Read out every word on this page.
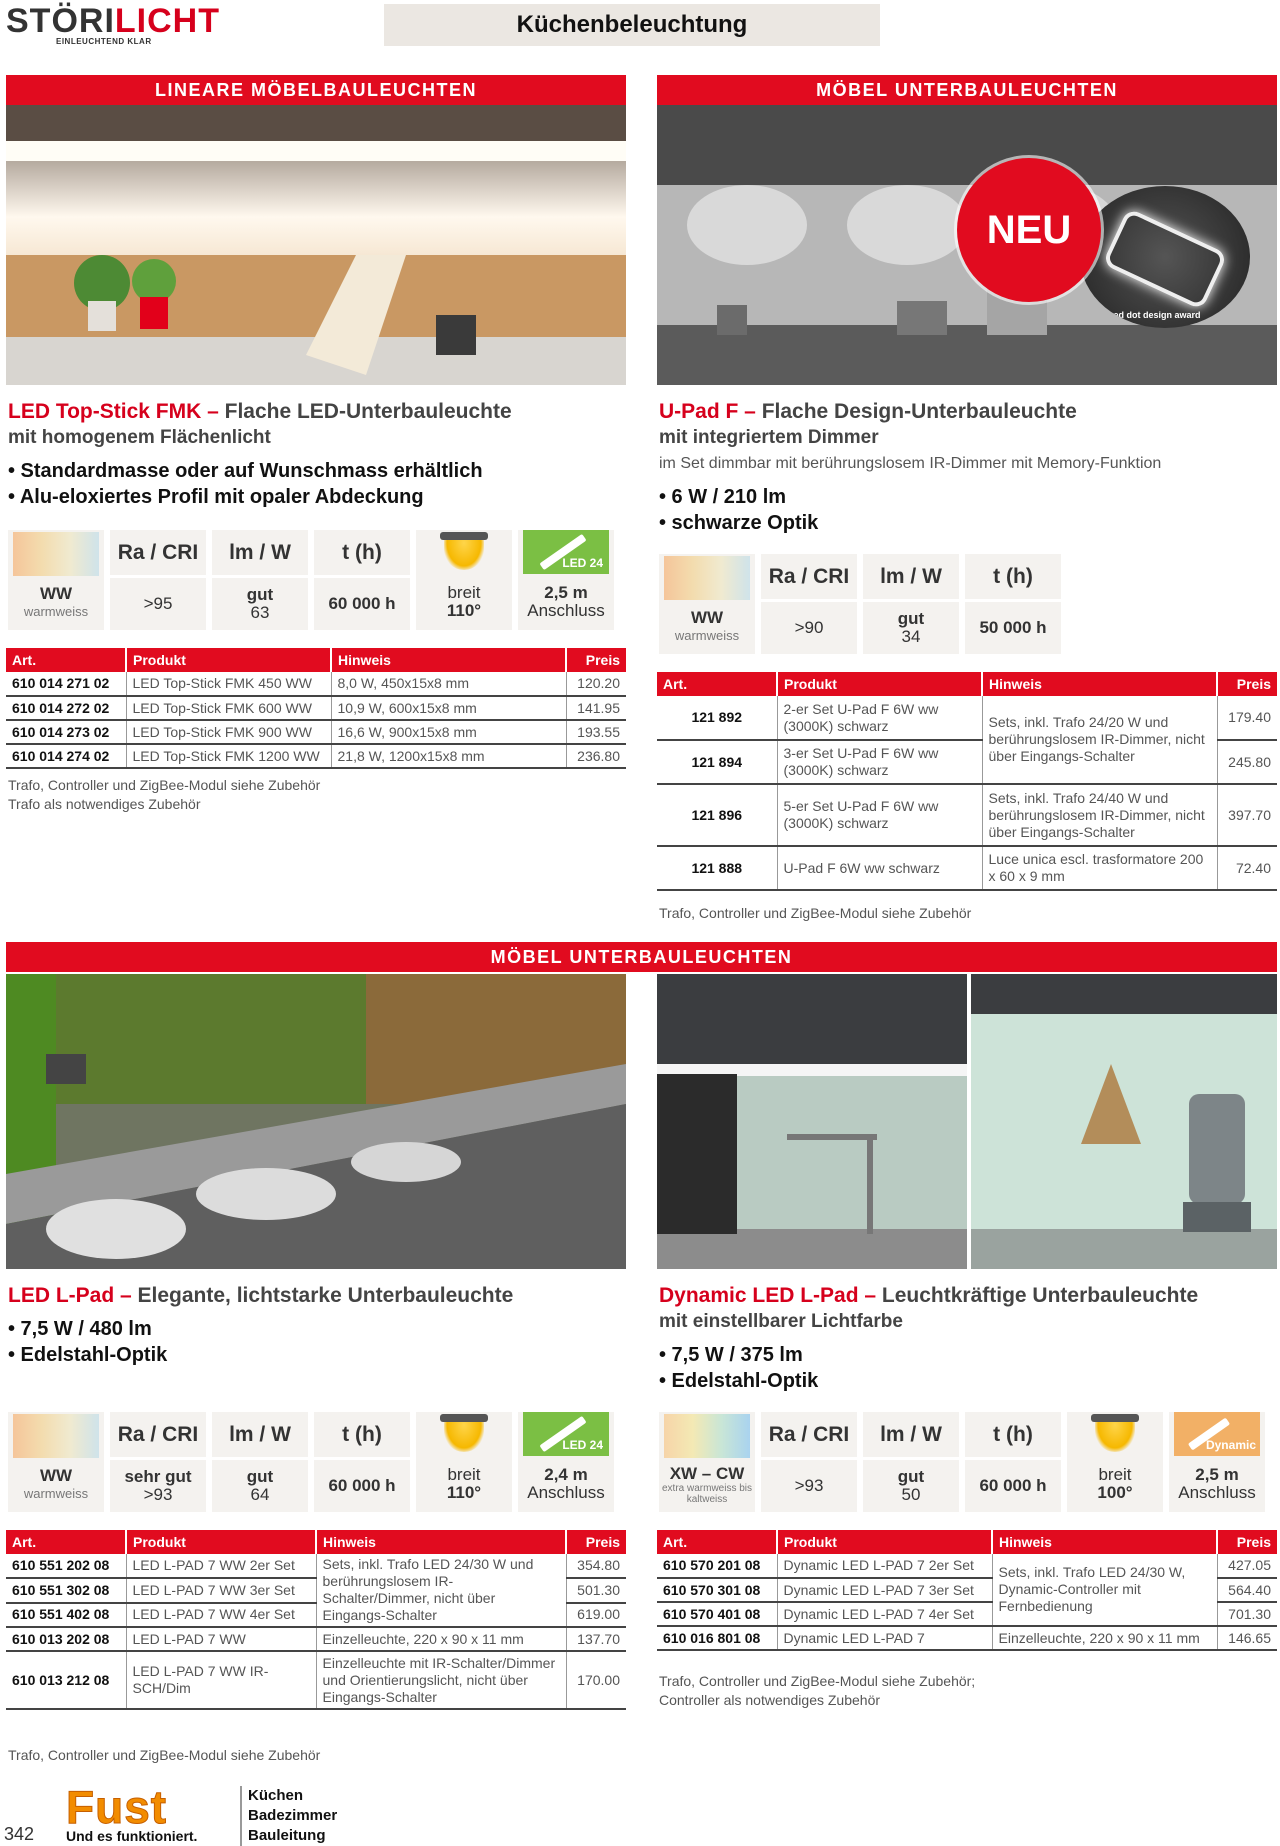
STÖRILICHT
EINLEUCHTEND KLAR
Küchenbeleuchtung
LINEARE MÖBELBAULEUCHTEN
LED Top-Stick FMK – Flache LED-Unterbauleuchte
mit homogenem Flächenlicht
• Standardmasse oder auf Wunschmass erhältlich
• Alu-eloxiertes Profil mit opaler Abdeckung
WW
warmweiss
Ra / CRI
>95
lm / W
gut
63
t (h)
60 000 h
breit
110°
LED 24
2,5 m
Anschluss
Art.	Produkt	Hinweis	Preis
610 014 271 02	LED Top-Stick FMK 450 WW	8,0 W, 450x15x8 mm	120.20
610 014 272 02	LED Top-Stick FMK 600 WW	10,9 W, 600x15x8 mm	141.95
610 014 273 02	LED Top-Stick FMK 900 WW	16,6 W, 900x15x8 mm	193.55
610 014 274 02	LED Top-Stick FMK 1200 WW	21,8 W, 1200x15x8 mm	236.80
Trafo, Controller und ZigBee-Modul siehe Zubehör
Trafo als notwendiges Zubehör
MÖBEL UNTERBAULEUCHTEN
red dot design award
NEU
U-Pad F – Flache Design-Unterbauleuchte
mit integriertem Dimmer
im Set dimmbar mit berührungslosem IR-Dimmer mit Memory-Funktion
• 6 W / 210 lm
• schwarze Optik
WW
warmweiss
Ra / CRI
>90
lm / W
gut
34
t (h)
50 000 h
Art.	Produkt	Hinweis	Preis
121 892	2-er Set U-Pad F 6W ww (3000K) schwarz	Sets, inkl. Trafo 24/20 W und berührungslosem IR-Dimmer, nicht über Eingangs-Schalter	179.40
121 894	3-er Set U-Pad F 6W ww (3000K) schwarz		245.80
121 896	5-er Set U-Pad F 6W ww (3000K) schwarz	Sets, inkl. Trafo 24/40 W und berührungslosem IR-Dimmer, nicht über Eingangs-Schalter	397.70
121 888	U-Pad F 6W ww schwarz	Luce unica escl. trasformatore 200 x 60 x 9 mm	72.40
Trafo, Controller und ZigBee-Modul siehe Zubehör
MÖBEL UNTERBAULEUCHTEN
LED L-Pad – Elegante, lichtstarke Unterbauleuchte
• 7,5 W / 480 lm
• Edelstahl-Optik
WW
warmweiss
Ra / CRI
sehr gut
>93
lm / W
gut
64
t (h)
60 000 h
breit
110°
LED 24
2,4 m
Anschluss
Art.	Produkt	Hinweis	Preis
610 551 202 08	LED L-PAD 7 WW 2er Set	Sets, inkl. Trafo LED 24/30 W und berührungslosem IR-Schalter/Dimmer, nicht über Eingangs-Schalter	354.80
610 551 302 08	LED L-PAD 7 WW 3er Set		501.30
610 551 402 08	LED L-PAD 7 WW 4er Set		619.00
610 013 202 08	LED L-PAD 7 WW	Einzelleuchte, 220 x 90 x 11 mm	137.70
610 013 212 08	LED L-PAD 7 WW IR-SCH/Dim	Einzelleuchte mit IR-Schalter/Dimmer und Orientierungslicht, nicht über Eingangs-Schalter	170.00
Trafo, Controller und ZigBee-Modul siehe Zubehör
Dynamic LED L-Pad – Leuchtkräftige Unterbauleuchte
mit einstellbarer Lichtfarbe
• 7,5 W / 375 lm
• Edelstahl-Optik
XW – CW
extra warmweiss bis kaltweiss
Ra / CRI
>93
lm / W
gut
50
t (h)
60 000 h
breit
100°
Dynamic
2,5 m
Anschluss
Art.	Produkt	Hinweis	Preis
610 570 201 08	Dynamic LED L-PAD 7 2er Set	Sets, inkl. Trafo LED 24/30 W, Dynamic-Controller mit Fernbedienung	427.05
610 570 301 08	Dynamic LED L-PAD 7 3er Set		564.40
610 570 401 08	Dynamic LED L-PAD 7 4er Set		701.30
610 016 801 08	Dynamic LED L-PAD 7	Einzelleuchte, 220 x 90 x 11 mm	146.65
Trafo, Controller und ZigBee-Modul siehe Zubehör;
Controller als notwendiges Zubehör
342
Fust
Und es funktioniert.
Küchen
Badezimmer
Bauleitung
